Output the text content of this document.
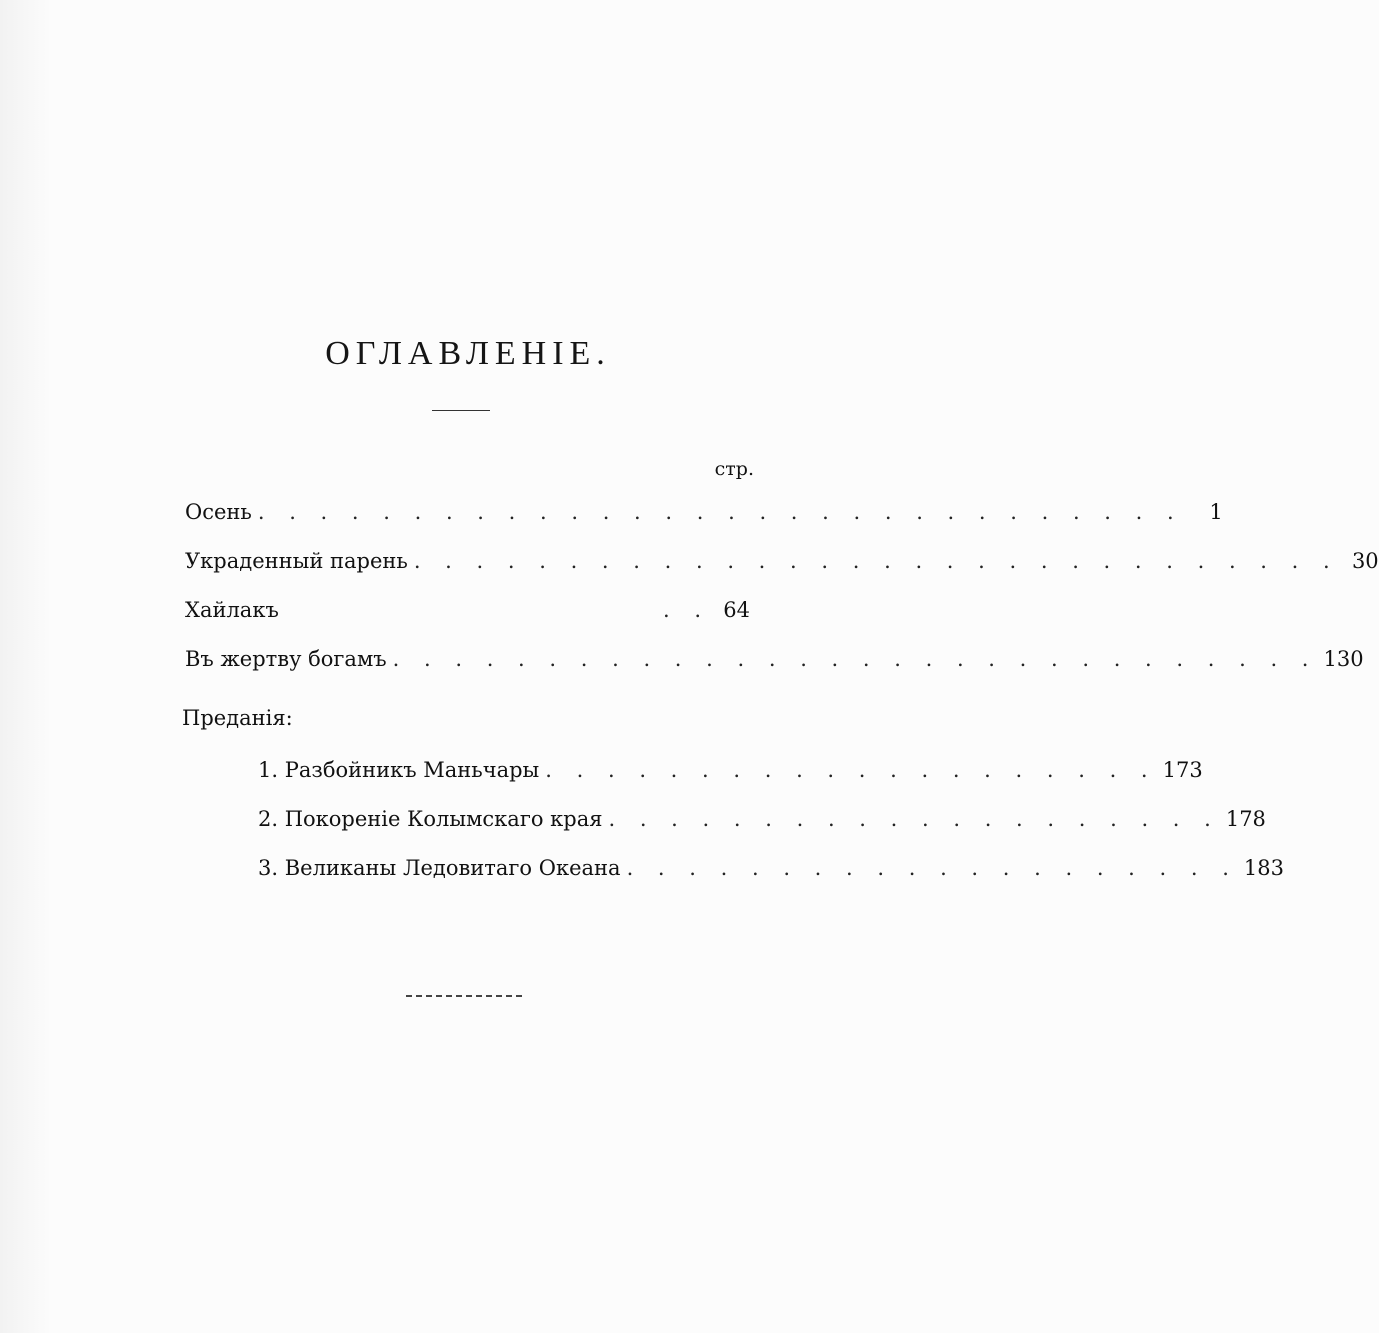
ОГЛАВЛЕНІЕ.
стр.
Осень . . . . . . . . . . . . . . . . . . . . . . . . . . . . . .	1
Украденный парень . . . . . . . . . . . . . . . . . . . . . . . . . . . . . . 30
Хайлакъ	. . 64
Въ жертву богамъ . . . . . . . . . . . . . . . . . . . . . . . . . . . . . . 130
Преданія:
1. Разбойникъ Маньчары . . . . . . . . . . . . . . . . . . . . 173
2. Покореніе Колымскаго края . . . . . . . . . . . . . . . . . . . . 178
3. Великаны Ледовитаго Океана . . . . . . . . . . . . . . . . . . . . 183
